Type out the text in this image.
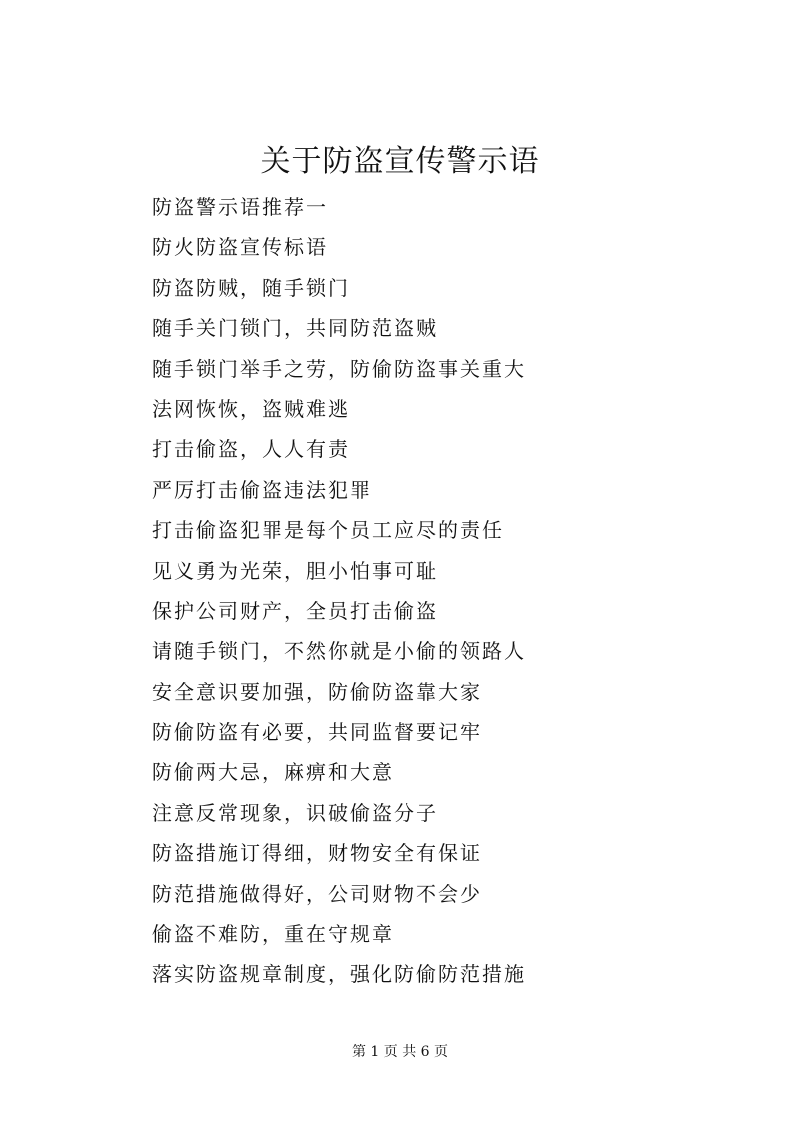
关于防盗宣传警示语
防盗警示语推荐一
防火防盗宣传标语
防盗防贼，随手锁门
随手关门锁门，共同防范盗贼
随手锁门举手之劳，防偷防盗事关重大
法网恢恢，盗贼难逃
打击偷盗，人人有责
严厉打击偷盗违法犯罪
打击偷盗犯罪是每个员工应尽的责任
见义勇为光荣，胆小怕事可耻
保护公司财产，全员打击偷盗
请随手锁门，不然你就是小偷的领路人
安全意识要加强，防偷防盗靠大家
防偷防盗有必要，共同监督要记牢
防偷两大忌，麻痹和大意
注意反常现象，识破偷盗分子
防盗措施订得细，财物安全有保证
防范措施做得好，公司财物不会少
偷盗不难防，重在守规章
落实防盗规章制度，强化防偷防范措施
第 1 页 共 6 页
